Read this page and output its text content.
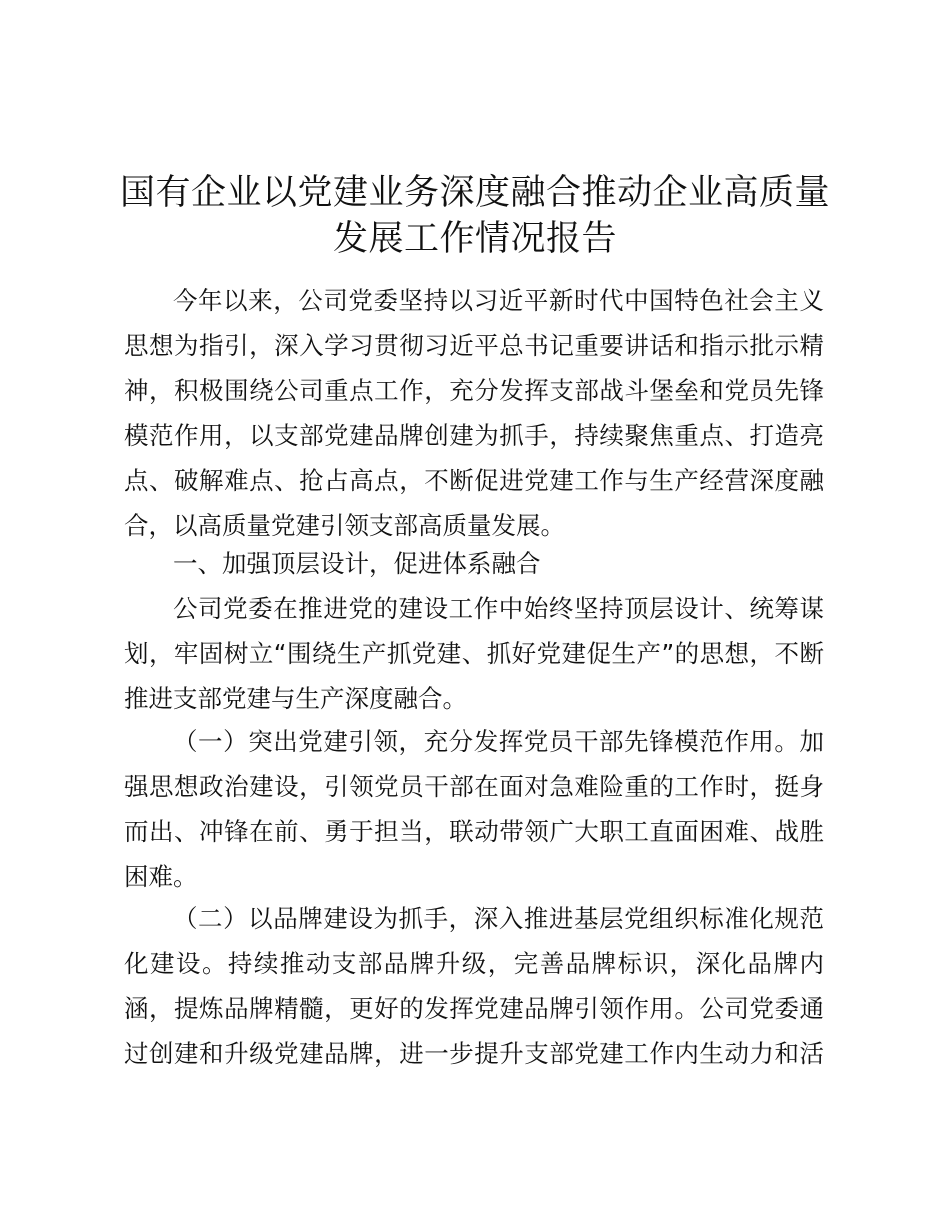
国有企业以党建业务深度融合推动企业高质量
发展工作情况报告
今年以来，公司党委坚持以习近平新时代中国特色社会主义
思想为指引，深入学习贯彻习近平总书记重要讲话和指示批示精
神，积极围绕公司重点工作，充分发挥支部战斗堡垒和党员先锋
模范作用，以支部党建品牌创建为抓手，持续聚焦重点、打造亮
点、破解难点、抢占高点，不断促进党建工作与生产经营深度融
合，以高质量党建引领支部高质量发展。
一、加强顶层设计，促进体系融合
公司党委在推进党的建设工作中始终坚持顶层设计、统筹谋
划，牢固树立“围绕生产抓党建、抓好党建促生产”的思想，不断
推进支部党建与生产深度融合。
（一）突出党建引领，充分发挥党员干部先锋模范作用。加
强思想政治建设，引领党员干部在面对急难险重的工作时，挺身
而出、冲锋在前、勇于担当，联动带领广大职工直面困难、战胜
困难。
（二）以品牌建设为抓手，深入推进基层党组织标准化规范
化建设。持续推动支部品牌升级，完善品牌标识，深化品牌内
涵，提炼品牌精髓，更好的发挥党建品牌引领作用。公司党委通
过创建和升级党建品牌，进一步提升支部党建工作内生动力和活
